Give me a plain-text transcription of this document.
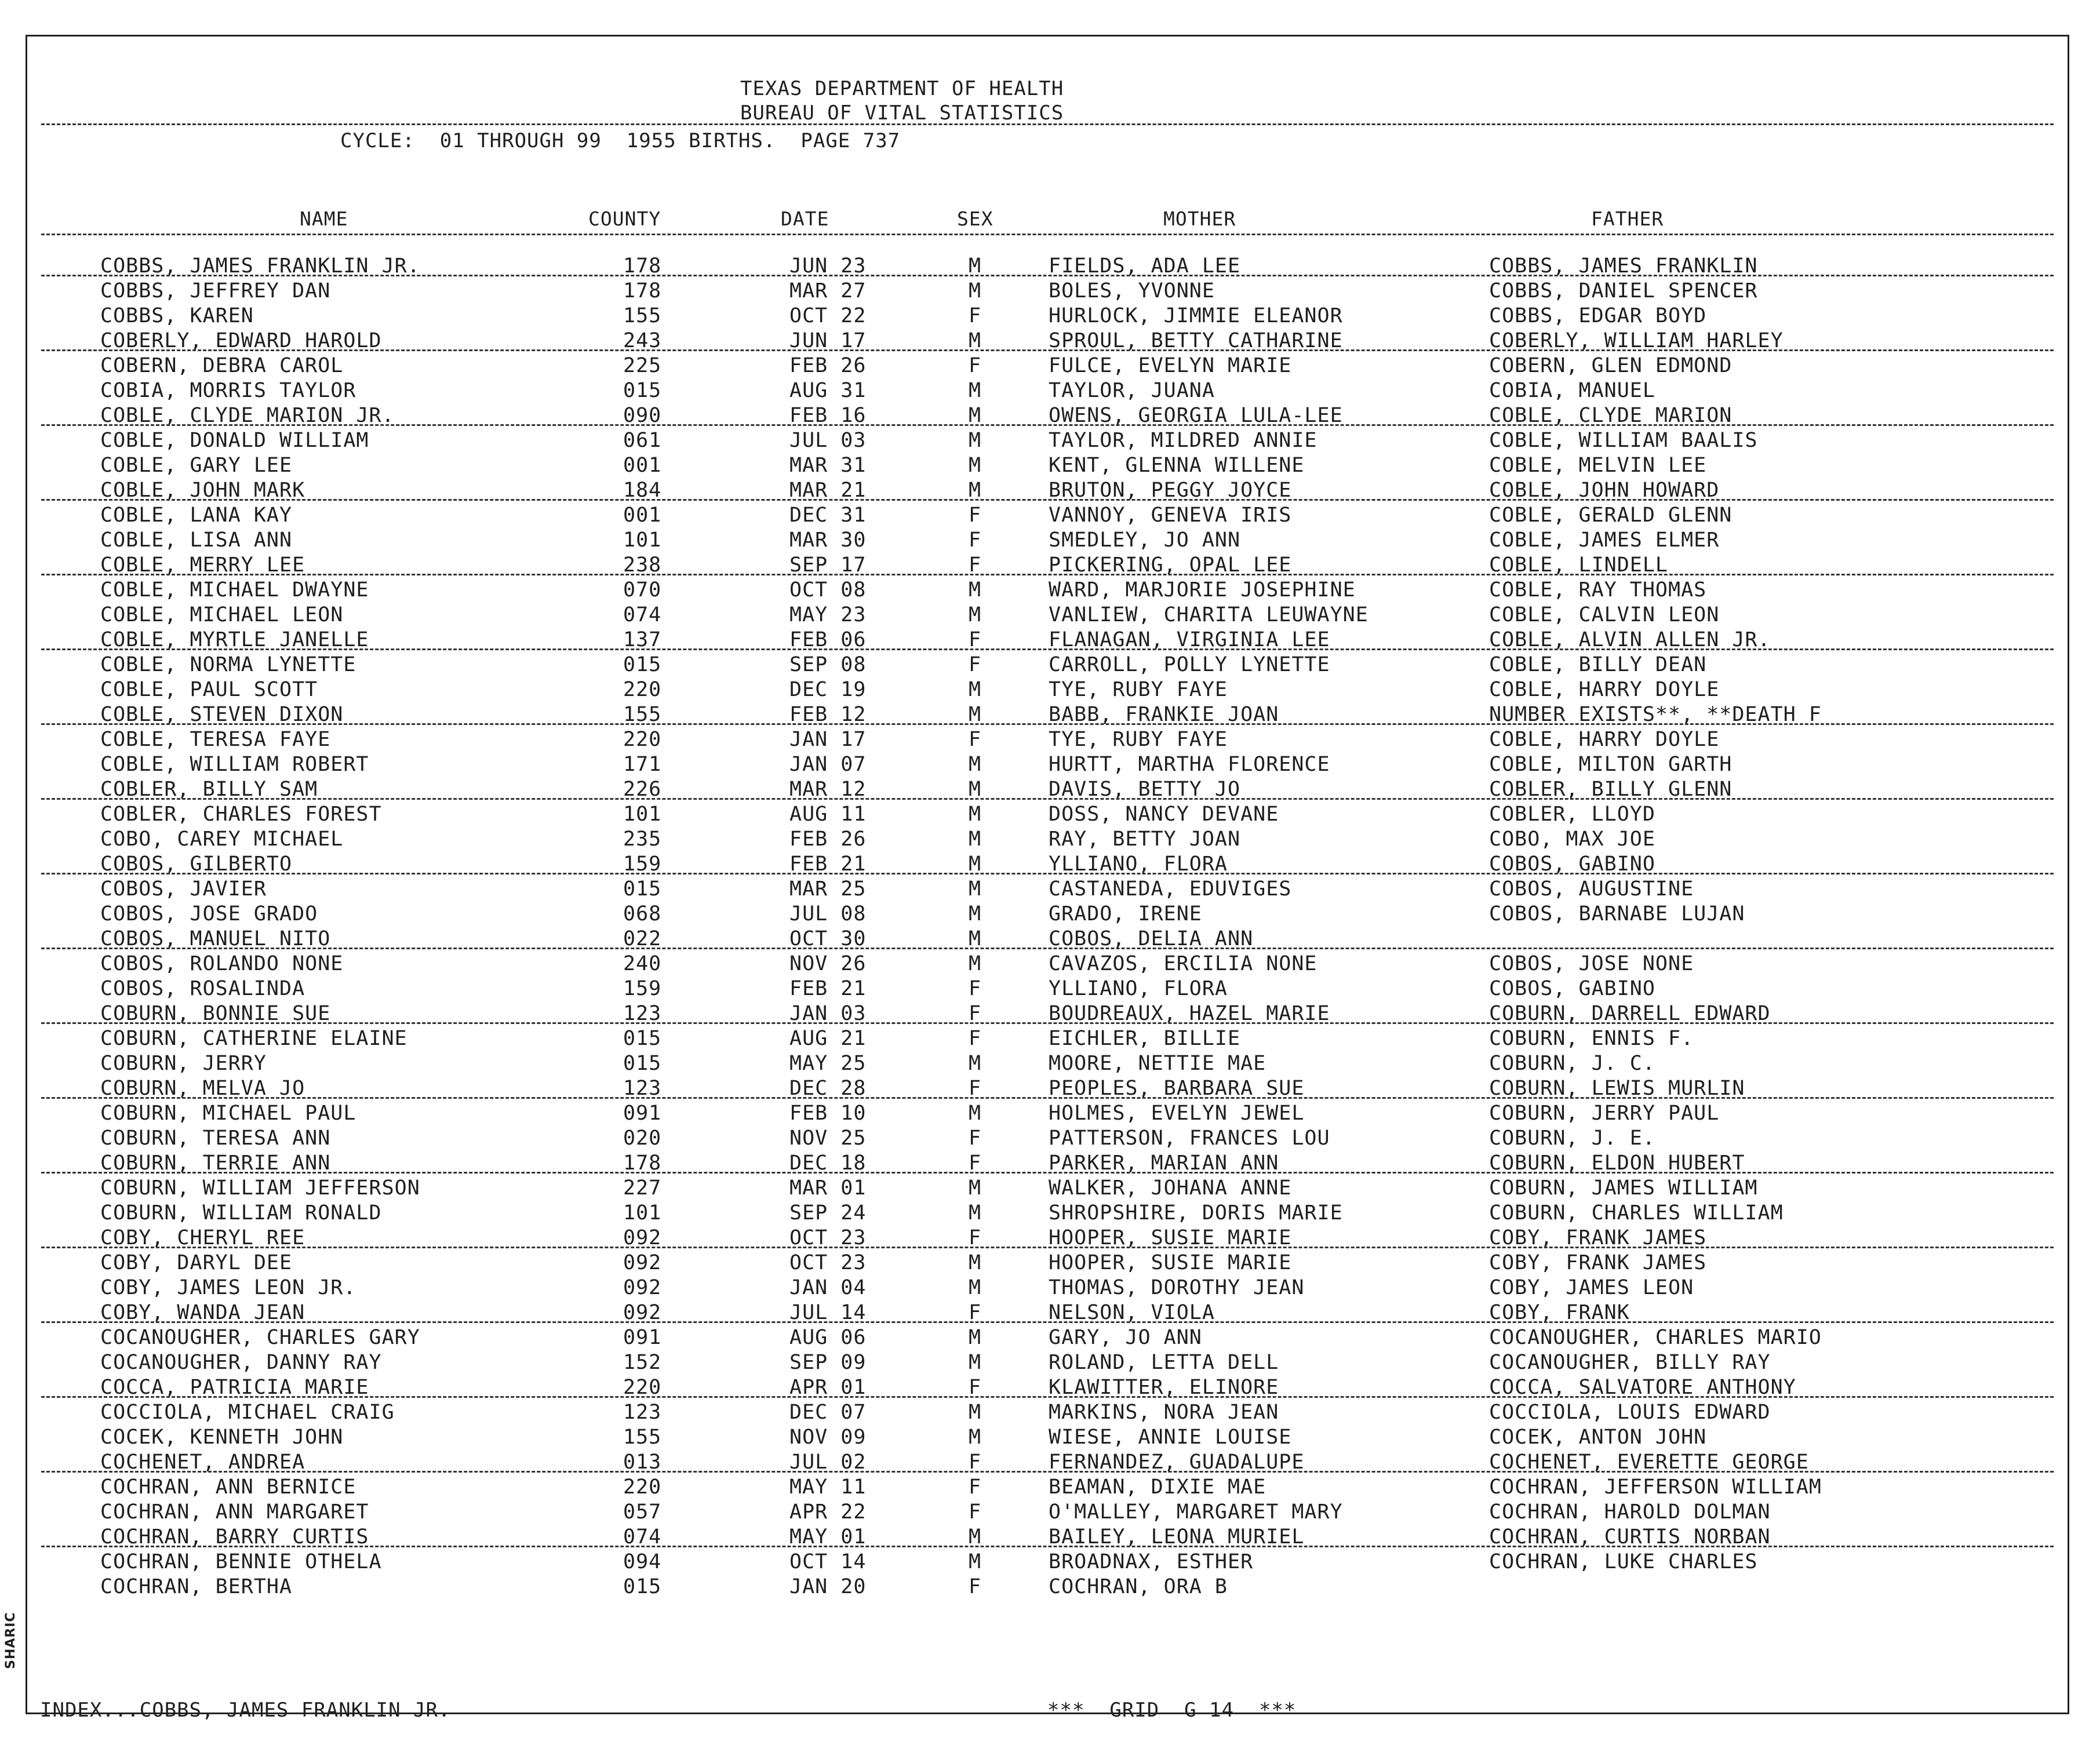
SHARIC
TEXAS DEPARTMENT OF HEALTH
BUREAU OF VITAL STATISTICS
CYCLE:  01 THROUGH 99  1955 BIRTHS.  PAGE 737
NAME	COUNTY	DATE	SEX	MOTHER	FATHER
COBBS, JAMES FRANKLIN JR.	178	JUN 23	M	FIELDS, ADA LEE	COBBS, JAMES FRANKLIN
COBBS, JEFFREY DAN	178	MAR 27	M	BOLES, YVONNE	COBBS, DANIEL SPENCER
COBBS, KAREN	155	OCT 22	F	HURLOCK, JIMMIE ELEANOR	COBBS, EDGAR BOYD
COBERLY, EDWARD HAROLD	243	JUN 17	M	SPROUL, BETTY CATHARINE	COBERLY, WILLIAM HARLEY
COBERN, DEBRA CAROL	225	FEB 26	F	FULCE, EVELYN MARIE	COBERN, GLEN EDMOND
COBIA, MORRIS TAYLOR	015	AUG 31	M	TAYLOR, JUANA	COBIA, MANUEL
COBLE, CLYDE MARION JR.	090	FEB 16	M	OWENS, GEORGIA LULA-LEE	COBLE, CLYDE MARION
COBLE, DONALD WILLIAM	061	JUL 03	M	TAYLOR, MILDRED ANNIE	COBLE, WILLIAM BAALIS
COBLE, GARY LEE	001	MAR 31	M	KENT, GLENNA WILLENE	COBLE, MELVIN LEE
COBLE, JOHN MARK	184	MAR 21	M	BRUTON, PEGGY JOYCE	COBLE, JOHN HOWARD
COBLE, LANA KAY	001	DEC 31	F	VANNOY, GENEVA IRIS	COBLE, GERALD GLENN
COBLE, LISA ANN	101	MAR 30	F	SMEDLEY, JO ANN	COBLE, JAMES ELMER
COBLE, MERRY LEE	238	SEP 17	F	PICKERING, OPAL LEE	COBLE, LINDELL
COBLE, MICHAEL DWAYNE	070	OCT 08	M	WARD, MARJORIE JOSEPHINE	COBLE, RAY THOMAS
COBLE, MICHAEL LEON	074	MAY 23	M	VANLIEW, CHARITA LEUWAYNE	COBLE, CALVIN LEON
COBLE, MYRTLE JANELLE	137	FEB 06	F	FLANAGAN, VIRGINIA LEE	COBLE, ALVIN ALLEN JR.
COBLE, NORMA LYNETTE	015	SEP 08	F	CARROLL, POLLY LYNETTE	COBLE, BILLY DEAN
COBLE, PAUL SCOTT	220	DEC 19	M	TYE, RUBY FAYE	COBLE, HARRY DOYLE
COBLE, STEVEN DIXON	155	FEB 12	M	BABB, FRANKIE JOAN	NUMBER EXISTS**, **DEATH F
COBLE, TERESA FAYE	220	JAN 17	F	TYE, RUBY FAYE	COBLE, HARRY DOYLE
COBLE, WILLIAM ROBERT	171	JAN 07	M	HURTT, MARTHA FLORENCE	COBLE, MILTON GARTH
COBLER, BILLY SAM	226	MAR 12	M	DAVIS, BETTY JO	COBLER, BILLY GLENN
COBLER, CHARLES FOREST	101	AUG 11	M	DOSS, NANCY DEVANE	COBLER, LLOYD
COBO, CAREY MICHAEL	235	FEB 26	M	RAY, BETTY JOAN	COBO, MAX JOE
COBOS, GILBERTO	159	FEB 21	M	YLLIANO, FLORA	COBOS, GABINO
COBOS, JAVIER	015	MAR 25	M	CASTANEDA, EDUVIGES	COBOS, AUGUSTINE
COBOS, JOSE GRADO	068	JUL 08	M	GRADO, IRENE	COBOS, BARNABE LUJAN
COBOS, MANUEL NITO	022	OCT 30	M	COBOS, DELIA ANN
COBOS, ROLANDO NONE	240	NOV 26	M	CAVAZOS, ERCILIA NONE	COBOS, JOSE NONE
COBOS, ROSALINDA	159	FEB 21	F	YLLIANO, FLORA	COBOS, GABINO
COBURN, BONNIE SUE	123	JAN 03	F	BOUDREAUX, HAZEL MARIE	COBURN, DARRELL EDWARD
COBURN, CATHERINE ELAINE	015	AUG 21	F	EICHLER, BILLIE	COBURN, ENNIS F.
COBURN, JERRY	015	MAY 25	M	MOORE, NETTIE MAE	COBURN, J. C.
COBURN, MELVA JO	123	DEC 28	F	PEOPLES, BARBARA SUE	COBURN, LEWIS MURLIN
COBURN, MICHAEL PAUL	091	FEB 10	M	HOLMES, EVELYN JEWEL	COBURN, JERRY PAUL
COBURN, TERESA ANN	020	NOV 25	F	PATTERSON, FRANCES LOU	COBURN, J. E.
COBURN, TERRIE ANN	178	DEC 18	F	PARKER, MARIAN ANN	COBURN, ELDON HUBERT
COBURN, WILLIAM JEFFERSON	227	MAR 01	M	WALKER, JOHANA ANNE	COBURN, JAMES WILLIAM
COBURN, WILLIAM RONALD	101	SEP 24	M	SHROPSHIRE, DORIS MARIE	COBURN, CHARLES WILLIAM
COBY, CHERYL REE	092	OCT 23	F	HOOPER, SUSIE MARIE	COBY, FRANK JAMES
COBY, DARYL DEE	092	OCT 23	M	HOOPER, SUSIE MARIE	COBY, FRANK JAMES
COBY, JAMES LEON JR.	092	JAN 04	M	THOMAS, DOROTHY JEAN	COBY, JAMES LEON
COBY, WANDA JEAN	092	JUL 14	F	NELSON, VIOLA	COBY, FRANK
COCANOUGHER, CHARLES GARY	091	AUG 06	M	GARY, JO ANN	COCANOUGHER, CHARLES MARIO
COCANOUGHER, DANNY RAY	152	SEP 09	M	ROLAND, LETTA DELL	COCANOUGHER, BILLY RAY
COCCA, PATRICIA MARIE	220	APR 01	F	KLAWITTER, ELINORE	COCCA, SALVATORE ANTHONY
COCCIOLA, MICHAEL CRAIG	123	DEC 07	M	MARKINS, NORA JEAN	COCCIOLA, LOUIS EDWARD
COCEK, KENNETH JOHN	155	NOV 09	M	WIESE, ANNIE LOUISE	COCEK, ANTON JOHN
COCHENET, ANDREA	013	JUL 02	F	FERNANDEZ, GUADALUPE	COCHENET, EVERETTE GEORGE
COCHRAN, ANN BERNICE	220	MAY 11	F	BEAMAN, DIXIE MAE	COCHRAN, JEFFERSON WILLIAM
COCHRAN, ANN MARGARET	057	APR 22	F	O'MALLEY, MARGARET MARY	COCHRAN, HAROLD DOLMAN
COCHRAN, BARRY CURTIS	074	MAY 01	M	BAILEY, LEONA MURIEL	COCHRAN, CURTIS NORBAN
COCHRAN, BENNIE OTHELA	094	OCT 14	M	BROADNAX, ESTHER	COCHRAN, LUKE CHARLES
COCHRAN, BERTHA	015	JAN 20	F	COCHRAN, ORA B
INDEX...COBBS, JAMES FRANKLIN JR.	***  GRID  G 14  ***
